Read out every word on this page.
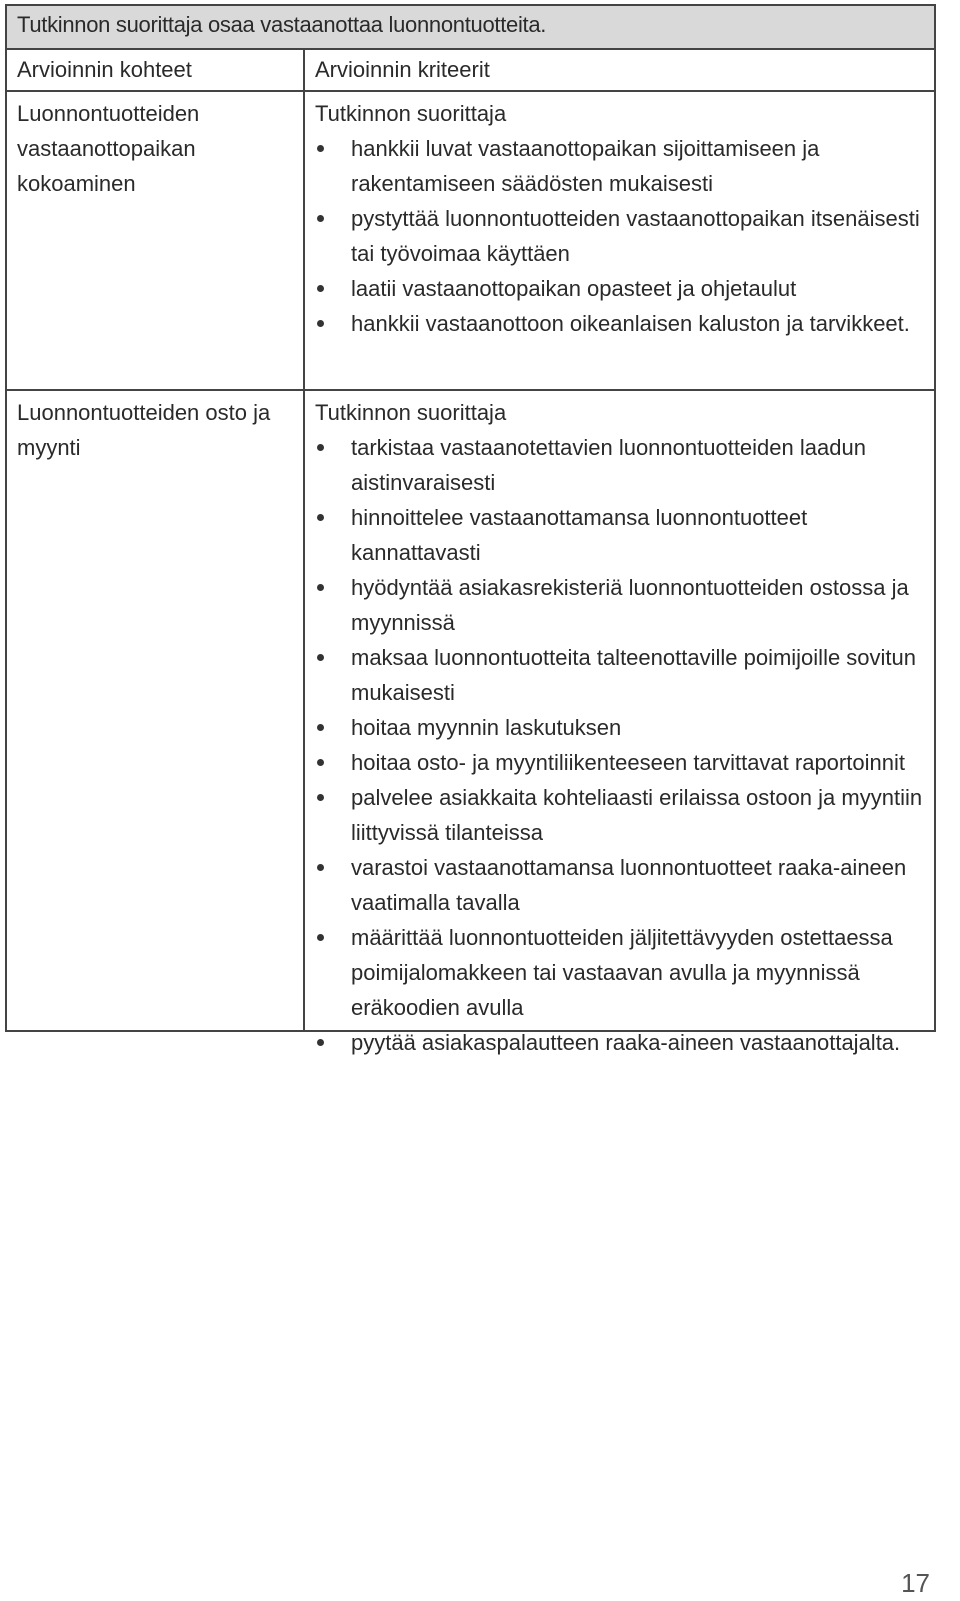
Tutkinnon suorittaja osaa vastaanottaa luonnontuotteita.
Arvioinnin kohteet	Arvioinnin kriteerit
Luonnontuotteiden vastaanottopaikan kokoaminen

Tutkinnon suorittaja

hankkii luvat vastaanottopaikan sijoittamiseen ja rakentamiseen säädösten mukaisesti
pystyttää luonnontuotteiden vastaanottopaikan itsenäisesti tai työvoimaa käyttäen
laatii vastaanottopaikan opasteet ja ohjetaulut
hankkii vastaanottoon oikeanlaisen kaluston ja tarvikkeet.
Luonnontuotteiden osto ja myynti

Tutkinnon suorittaja

tarkistaa vastaanotettavien luonnontuotteiden laadun aistinvaraisesti
hinnoittelee vastaanottamansa luonnontuotteet kannattavasti
hyödyntää asiakasrekisteriä luonnontuotteiden ostossa ja myynnissä
maksaa luonnontuotteita talteenottaville poimijoille sovitun mukaisesti
hoitaa myynnin laskutuksen
hoitaa osto- ja myyntiliikenteeseen tarvittavat raportoinnit
palvelee asiakkaita kohteliaasti erilaissa ostoon ja myyntiin liittyvissä tilanteissa
varastoi vastaanottamansa luonnontuotteet raaka-aineen vaatimalla tavalla
määrittää luonnontuotteiden jäljitettävyyden ostettaessa poimijalomakkeen tai vastaavan avulla ja myynnissä eräkoodien avulla
pyytää asiakaspalautteen raaka-aineen vastaanottajalta.
17
